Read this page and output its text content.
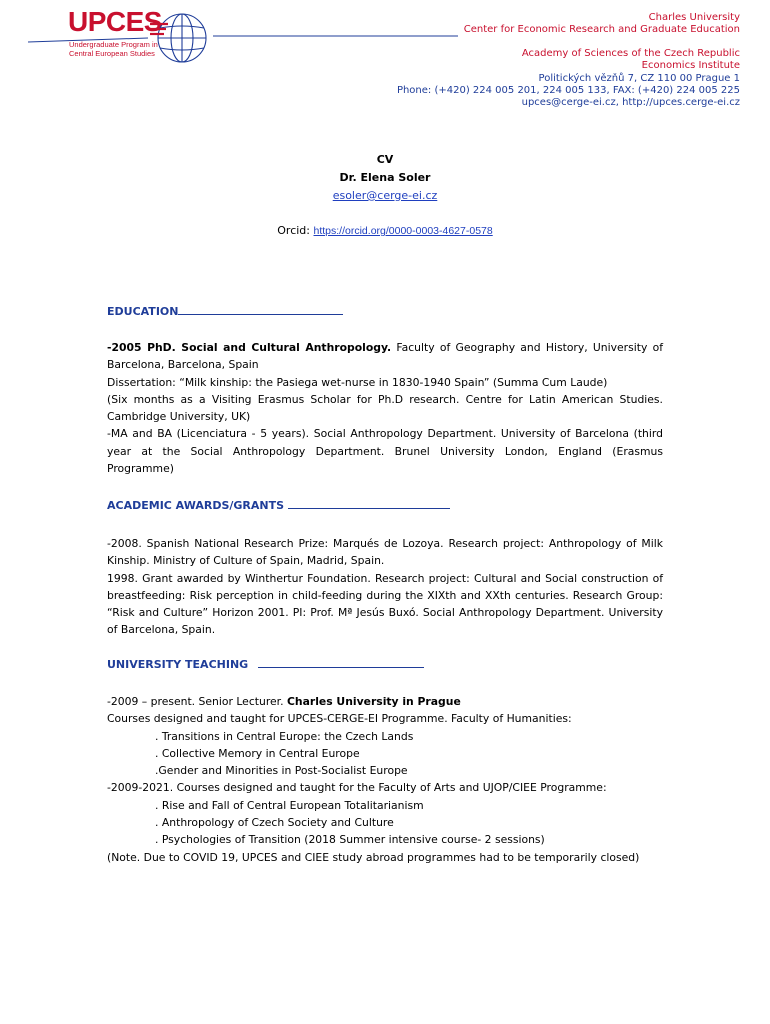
UPCES
Undergraduate Program in
Central European Studies
Charles University
Center for Economic Research and Graduate Education
Academy of Sciences of the Czech Republic
Economics Institute
Politických vězňů 7, CZ 110 00 Prague 1
Phone: (+420) 224 005 201, 224 005 133, FAX: (+420) 224 005 225
upces@cerge-ei.cz, http://upces.cerge-ei.cz
CV
Dr. Elena Soler
esoler@cerge-ei.cz
Orcid: https://orcid.org/0000-0003-4627-0578
EDUCATION

-2005 PhD. Social and Cultural Anthropology. Faculty of Geography and History, University of Barcelona, Barcelona, Spain

Dissertation: “Milk kinship: the Pasiega wet-nurse in 1830-1940 Spain” (Summa Cum Laude)

(Six months as a Visiting Erasmus Scholar for Ph.D research. Centre for Latin American Studies. Cambridge University, UK)

-MA and BA (Licenciatura - 5 years). Social Anthropology Department. University of Barcelona (third year at the Social Anthropology Department. Brunel University London, England (Erasmus Programme)

ACADEMIC AWARDS/GRANTS

-2008. Spanish National Research Prize: Marqués de Lozoya. Research project: Anthropology of Milk Kinship. Ministry of Culture of Spain, Madrid, Spain.

1998. Grant awarded by Winthertur Foundation. Research project: Cultural and Social construction of breastfeeding: Risk perception in child-feeding during the XIXth and XXth centuries. Research Group: “Risk and Culture” Horizon 2001. PI: Prof. Mª Jesús Buxó. Social Anthropology Department. University of Barcelona, Spain.

UNIVERSITY TEACHING

-2009 – present. Senior Lecturer. Charles University in Prague

Courses designed and taught for UPCES-CERGE-EI Programme. Faculty of Humanities:

. Transitions in Central Europe: the Czech Lands

. Collective Memory in Central Europe

.Gender and Minorities in Post-Socialist Europe

-2009-2021. Courses designed and taught for the Faculty of Arts and UJOP/CIEE Programme:

. Rise and Fall of Central European Totalitarianism

. Anthropology of Czech Society and Culture

. Psychologies of Transition (2018 Summer intensive course- 2 sessions)

(Note. Due to COVID 19, UPCES and CIEE study abroad programmes had to be temporarily closed)
